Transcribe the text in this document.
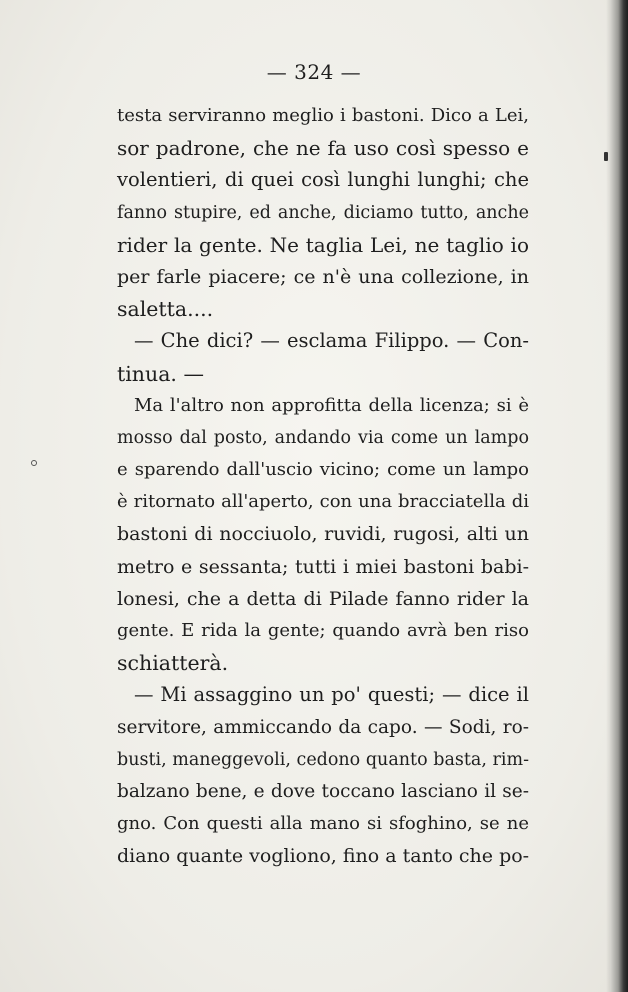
— 324 —
testa serviranno meglio i bastoni. Dico a Lei,
sor padrone, che ne fa uso così spesso e
volentieri, di quei così lunghi lunghi; che
fanno stupire, ed anche, diciamo tutto, anche
rider la gente. Ne taglia Lei, ne taglio io
per farle piacere; ce n'è una collezione, in
saletta....
— Che dici? — esclama Filippo. — Con-
tinua. —
Ma l'altro non approfitta della licenza; si è
mosso dal posto, andando via come un lampo
e sparendo dall'uscio vicino; come un lampo
è ritornato all'aperto, con una bracciatella di
bastoni di nocciuolo, ruvidi, rugosi, alti un
metro e sessanta; tutti i miei bastoni babi-
lonesi, che a detta di Pilade fanno rider la
gente. E rida la gente; quando avrà ben riso
schiatterà.
— Mi assaggino un po' questi; — dice il
servitore, ammiccando da capo. — Sodi, ro-
busti, maneggevoli, cedono quanto basta, rim-
balzano bene, e dove toccano lasciano il se-
gno. Con questi alla mano si sfoghino, se ne
diano quante vogliono, fino a tanto che po-
